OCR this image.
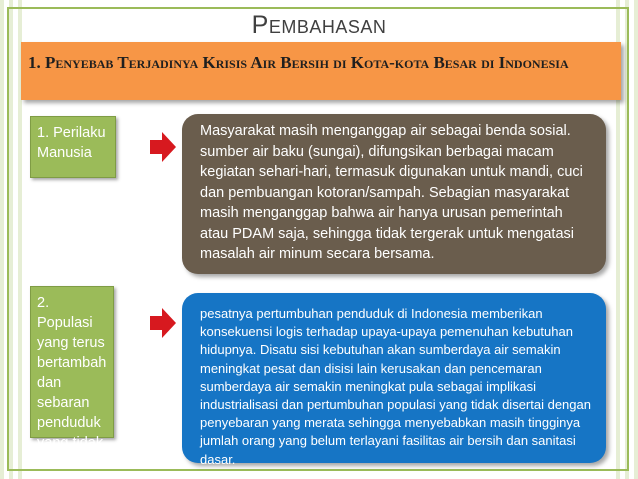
Pembahasan
1. Penyebab Terjadinya Krisis Air Bersih di Kota-kota Besar di Indonesia
1. Perilaku Manusia
Masyarakat masih menganggap air sebagai benda sosial. sumber air baku (sungai), difungsikan berbagai macam kegiatan sehari-hari, termasuk digunakan untuk mandi, cuci dan pembuangan kotoran/sampah. Sebagian masyarakat masih menganggap bahwa air hanya urusan pemerintah atau PDAM saja, sehingga tidak tergerak untuk mengatasi masalah air minum secara bersama.
2. Populasi yang terus bertambah dan sebaran penduduk yang tidak merata.
pesatnya pertumbuhan penduduk di Indonesia memberikan konsekuensi logis terhadap upaya-upaya pemenuhan kebutuhan hidupnya. Disatu sisi kebutuhan akan sumberdaya air semakin meningkat pesat dan disisi lain kerusakan dan pencemaran sumberdaya air semakin meningkat pula sebagai implikasi industrialisasi dan pertumbuhan populasi yang tidak disertai dengan penyebaran yang merata sehingga menyebabkan masih tingginya jumlah orang yang belum terlayani fasilitas air bersih dan sanitasi dasar.
